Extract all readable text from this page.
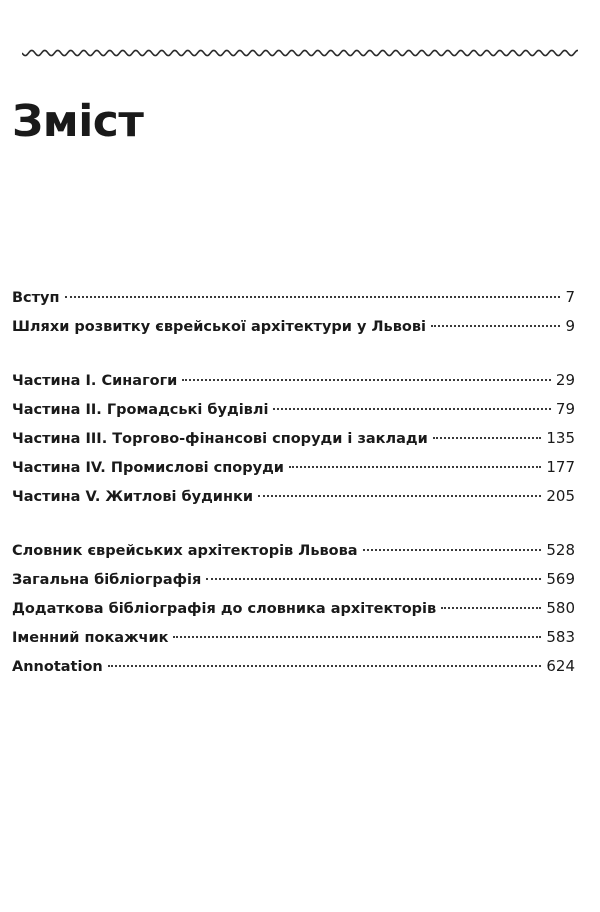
Зміст
Вступ	7
Шляхи розвитку єврейської архітектури у Львові	9
Частина І. Синагоги	29
Частина ІІ. Громадські будівлі	79
Частина ІІІ. Торгово-фінансові споруди і заклади	135
Частина IV. Промислові споруди	177
Частина V. Житлові будинки	205
Словник єврейських архітекторів Львова	528
Загальна бібліографія	569
Додаткова бібліографія до словника архітекторів	580
Іменний покажчик	583
Annotation	624
